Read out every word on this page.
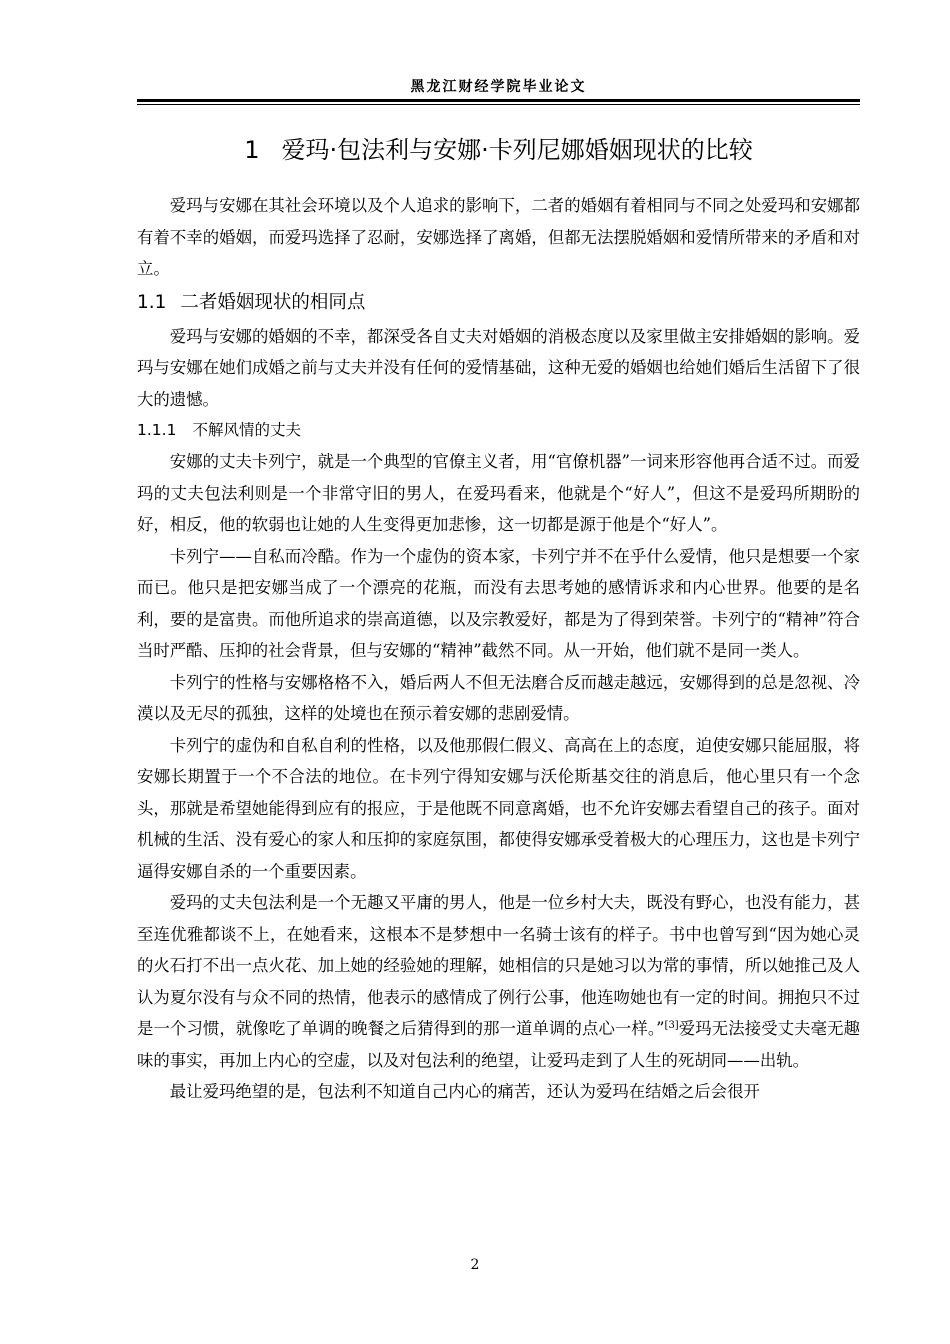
黑龙江财经学院毕业论文
1 爱玛·包法利与安娜·卡列尼娜婚姻现状的比较

爱玛与安娜在其社会环境以及个人追求的影响下，二者的婚姻有着相同与不同之处爱玛和安娜都有着不幸的婚姻，而爱玛选择了忍耐，安娜选择了离婚，但都无法摆脱婚姻和爱情所带来的矛盾和对立。

1.1 二者婚姻现状的相同点

爱玛与安娜的婚姻的不幸，都深受各自丈夫对婚姻的消极态度以及家里做主安排婚姻的影响。爱玛与安娜在她们成婚之前与丈夫并没有任何的爱情基础，这种无爱的婚姻也给她们婚后生活留下了很大的遗憾。

1.1.1 不解风情的丈夫

安娜的丈夫卡列宁，就是一个典型的官僚主义者，用“官僚机器”一词来形容他再合适不过。而爱玛的丈夫包法利则是一个非常守旧的男人，在爱玛看来，他就是个“好人”，但这不是爱玛所期盼的好，相反，他的软弱也让她的人生变得更加悲惨，这一切都是源于他是个“好人”。

卡列宁——自私而冷酷。作为一个虚伪的资本家，卡列宁并不在乎什么爱情，他只是想要一个家而已。他只是把安娜当成了一个漂亮的花瓶，而没有去思考她的感情诉求和内心世界。他要的是名利，要的是富贵。而他所追求的崇高道德，以及宗教爱好，都是为了得到荣誉。卡列宁的“精神”符合当时严酷、压抑的社会背景，但与安娜的“精神”截然不同。从一开始，他们就不是同一类人。

卡列宁的性格与安娜格格不入，婚后两人不但无法磨合反而越走越远，安娜得到的总是忽视、冷漠以及无尽的孤独，这样的处境也在预示着安娜的悲剧爱情。

卡列宁的虚伪和自私自利的性格，以及他那假仁假义、高高在上的态度，迫使安娜只能屈服，将安娜长期置于一个不合法的地位。在卡列宁得知安娜与沃伦斯基交往的消息后，他心里只有一个念头，那就是希望她能得到应有的报应，于是他既不同意离婚，也不允许安娜去看望自己的孩子。面对机械的生活、没有爱心的家人和压抑的家庭氛围，都使得安娜承受着极大的心理压力，这也是卡列宁逼得安娜自杀的一个重要因素。

爱玛的丈夫包法利是一个无趣又平庸的男人，他是一位乡村大夫，既没有野心，也没有能力，甚至连优雅都谈不上，在她看来，这根本不是梦想中一名骑士该有的样子。书中也曾写到“因为她心灵的火石打不出一点火花、加上她的经验她的理解，她相信的只是她习以为常的事情，所以她推己及人认为夏尔没有与众不同的热情，他表示的感情成了例行公事，他连吻她也有一定的时间。拥抱只不过是一个习惯，就像吃了单调的晚餐之后猜得到的那一道单调的点心一样。”[3]爱玛无法接受丈夫毫无趣味的事实，再加上内心的空虚，以及对包法利的绝望，让爱玛走到了人生的死胡同——出轨。

最让爱玛绝望的是，包法利不知道自己内心的痛苦，还认为爱玛在结婚之后会很开

2
